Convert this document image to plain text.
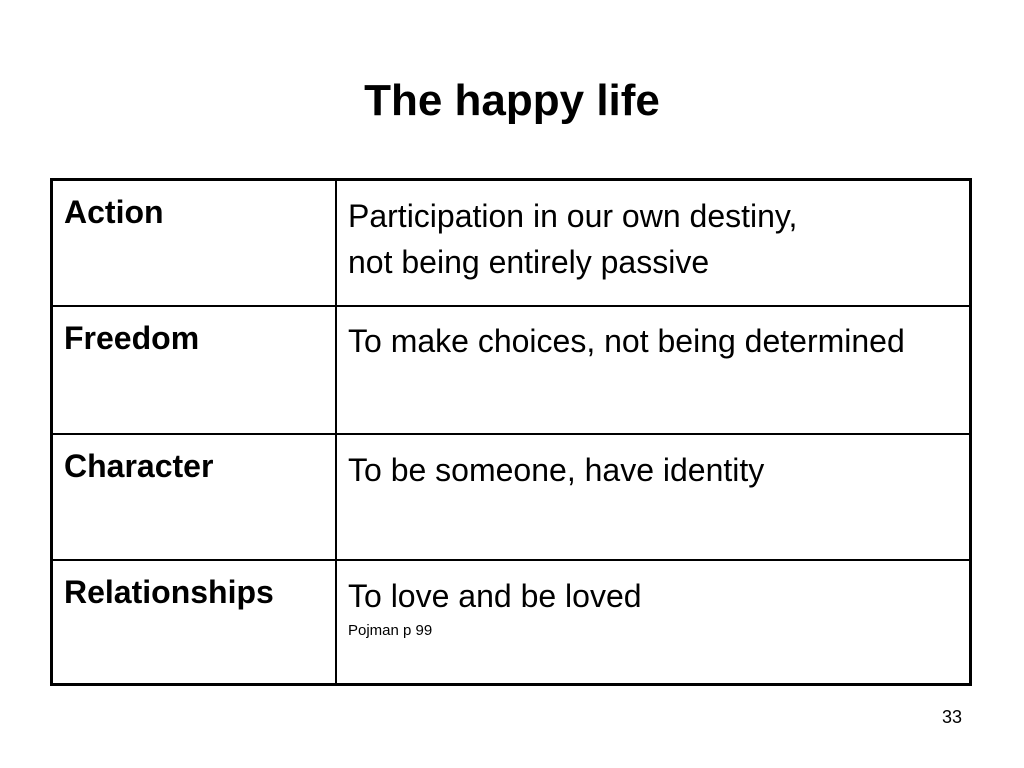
The happy life
Action	Participation in our own destiny,
not being entirely passive
Freedom	To make choices, not being determined
Character	To be someone, have identity
Relationships	To love and be loved
Pojman p 99
33
